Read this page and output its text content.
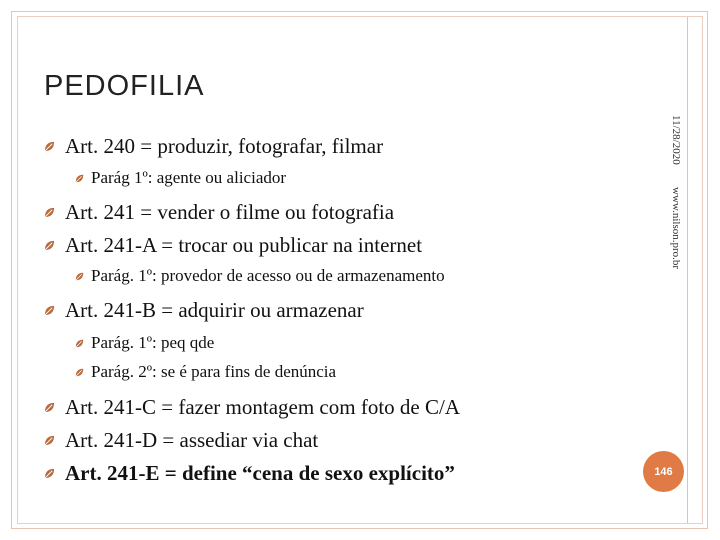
PEDOFILIA
Art. 240 = produzir, fotografar, filmar
Parág 1º: agente ou aliciador
Art. 241 = vender o filme ou fotografia
Art. 241-A = trocar ou publicar na internet
Parág. 1º: provedor de acesso ou de armazenamento
Art. 241-B = adquirir ou armazenar
Parág. 1º: peq qde
Parág. 2º: se é para fins de denúncia
Art. 241-C = fazer montagem com foto de C/A
Art. 241-D = assediar via chat
Art. 241-E = define “cena de sexo explícito”
11/28/2020
www.nilson.pro.br
146
